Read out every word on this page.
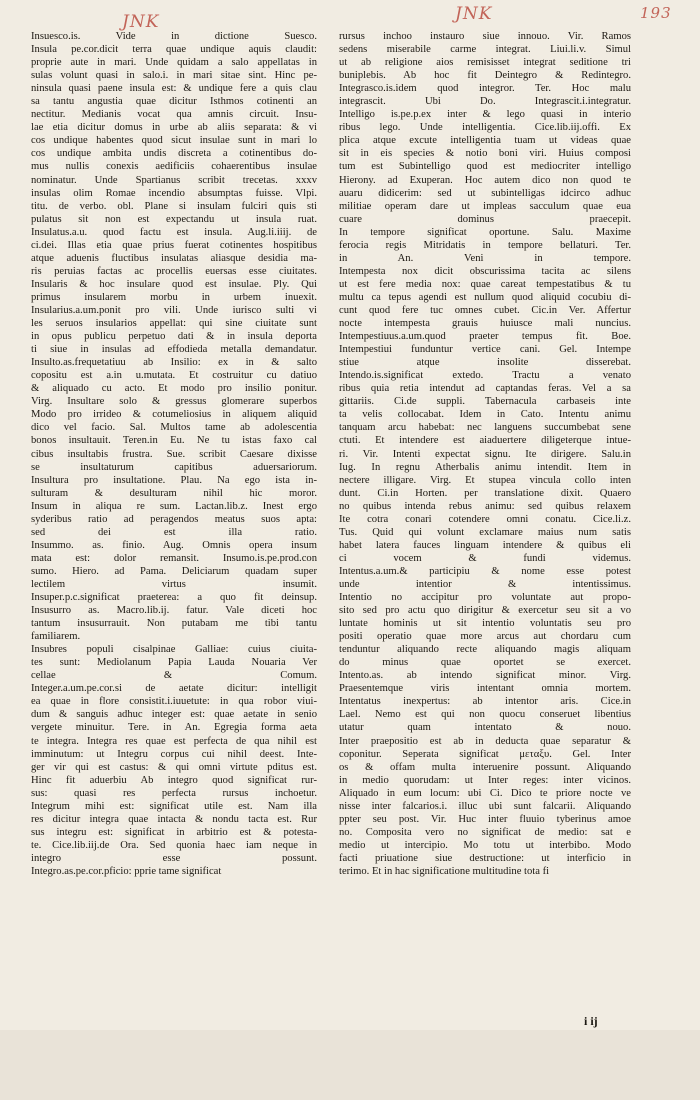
JNK	JNK	193
Insuesco.is. Vide in dictione Suesco.
Insula pe.cor.dicit terra quae undique aquis claudit:
proprie aute in mari. Unde quidam a salo appellatas in
sulas volunt quasi in salo.i. in mari sitae sint. Hinc pe-
ninsula quasi paene insula est: & undique fere a quis clau
sa tantu angustia quae dicitur Isthmos cotinenti an
nectitur. Medianis vocat qua amnis circuit. Insu-
lae etia dicitur domus in urbe ab aliis separata: & vi
cos undique habentes quod sicut insulae sunt in mari lo
cos undique ambita undis discreta a cotinentibus do-
mus nullis conexis aedificiis cohaerentibus insulae
nominatur. Unde Spartianus scribit trecetas. xxxv
insulas olim Romae incendio absumptas fuisse. Vlpi.
titu. de verbo. obl. Plane si insulam fulciri quis sti
pulatus sit non est expectandu ut insula ruat.
Insulatus.a.u. quod factu est insula. Aug.li.iiij. de
ci.dei. Illas etia quae prius fuerat cotinentes hospitibus
atque aduenis fluctibus insulatas aliasque desidia ma-
ris peruias factas ac procellis euersas esse ciuitates.
Insularis & hoc insulare quod est insulae. Ply. Qui
primus insularem morbu in urbem inuexit.
Insularius.a.um.ponit pro vili. Unde iurisco sulti vi
les seruos insularios appellat: qui sine ciuitate sunt
in opus publicu perpetuo dati & in insula deporta
ti siue in insulas ad effodieda metalla demandatur.
Insulto.as.frequetatiuu ab Insilio: ex in & salto
copositu est a.in u.mutata. Et costruitur cu datiuo
& aliquado cu acto. Et modo pro insilio ponitur.
Virg. Insultare solo & gressus glomerare superbos
Modo pro irrideo & cotumeliosius in aliquem aliquid
dico vel facio. Sal. Multos tame ab adolescentia
bonos insultauit. Teren.in Eu. Ne tu istas faxo cal
cibus insultabis frustra. Sue. scribit Caesare dixisse
se insultaturum capitibus aduersariorum.
Insultura pro insultatione. Plau. Na ego ista in-
sulturam & desulturam nihil hic moror.
Insum in aliqua re sum. Lactan.lib.z. Inest ergo
syderibus ratio ad peragendos meatus suos apta:
sed dei est illa ratio.
Insummo. as. finio. Aug. Omnis opera insum
mata est: dolor remansit. Insumo.is.pe.prod.con
sumo. Hiero. ad Pama. Deliciarum quadam super
lectilem virtus insumit.
Insuper.p.c.significat praeterea: a quo fit deinsup.
Insusurro as. Macro.lib.ij. fatur. Vale diceti hoc
tantum insusurrauit. Non putabam me tibi tantu
familiarem.
Insubres populi cisalpinae Galliae: cuius ciuita-
tes sunt: Mediolanum Papia Lauda Nouaria Ver
cellae & Comum.
Integer.a.um.pe.cor.si de aetate dicitur: intelligit
ea quae in flore consistit.i.iuuetute: in qua robor viui-
dum & sanguis adhuc integer est: quae aetate in senio
vergete minuitur. Tere. in An. Egregia forma aeta
te integra. Integra res quae est perfecta de qua nihil est
imminutum: ut Integru corpus cui nihil deest. Inte-
ger vir qui est castus: & qui omni virtute pditus est.
Hinc fit aduerbiu Ab integro quod significat rur-
sus: quasi res perfecta rursus inchoetur.
Integrum mihi est: significat utile est. Nam illa
res dicitur integra quae intacta & nondu tacta est. Rur
sus integru est: significat in arbitrio est & potesta-
te. Cice.lib.iij.de Ora. Sed quonia haec iam neque in
integro esse possunt.
Integro.as.pe.cor.pficio: pprie tame significat
rursus inchoo instauro siue innouo. Vir. Ramos
sedens miserabile carme integrat. Liui.li.v. Simul
ut ab religione aios remisisset integrat seditione tri
buniplebis. Ab hoc fit Deintegro & Redintegro.
Integrasco.is.idem quod integror. Ter. Hoc malu
integrascit. Ubi Do. Integrascit.i.integratur.
Intelligo is.pe.p.ex inter & lego quasi in interio
ribus lego. Unde intelligentia. Cice.lib.iij.offi. Ex
plica atque excute intelligentia tuam ut videas quae
sit in eis species & notio boni viri. Huius composi
tum est Subintelligo quod est mediocriter intelligo
Hierony. ad Exuperan. Hoc autem dico non quod te
auaru didicerim: sed ut subintelligas idcirco adhuc
militiae operam dare ut impleas sacculum quae eua
cuare dominus praecepit.
In tempore significat oportune. Salu. Maxime
ferocia regis Mitridatis in tempore bellaturi. Ter.
in An. Veni in tempore.
Intempesta nox dicit obscurissima tacita ac silens
ut est fere media nox: quae careat tempestatibus & tu
multu ca tepus agendi est nullum quod aliquid cocubiu di-
cunt quod fere tuc omnes cubet. Cic.in Ver. Affertur
nocte intempesta grauis huiusce mali nuncius.
Intempestiuus.a.um.quod praeter tempus fit. Boe.
Intempestiui funduntur vertice cani. Gel. Intempe
stiue atque insolite disserebat.
Intendo.is.significat extedo. Tractu a venato
ribus quia retia intendut ad captandas feras. Vel a sa
gittariis. Ci.de suppli. Tabernacula carbaseis inte
ta velis collocabat. Idem in Cato. Intentu animu
tanquam arcu habebat: nec languens succumbebat sene
ctuti. Et intendere est aiaduertere diligeterque intue-
ri. Vir. Intenti expectat signu. Ite dirigere. Salu.in
Iug. In regnu Atherbalis animu intendit. Item in
nectere illigare. Virg. Et stupea vincula collo inten
dunt. Ci.in Horten. per translatione dixit. Quaero
no quibus intenda rebus animu: sed quibus relaxem
Ite cotra conari cotendere omni conatu. Cice.li.z.
Tus. Quid qui volunt exclamare maius num satis
habet latera fauces linguam intendere & quibus eli
ci vocem & fundi videmus.
Intentus.a.um.& participiu & nome esse potest
unde intentior & intentissimus.
Intentio no accipitur pro voluntate aut propo-
sito sed pro actu quo dirigitur & exercetur seu sit a vo
luntate hominis ut sit intentio voluntatis seu pro
positi operatio quae more arcus aut chordaru cum
tenduntur aliquando recte aliquando magis aliquam
do minus quae oportet se exercet.
Intento.as. ab intendo significat minor. Virg.
Praesentemque viris intentant omnia mortem.
Intentatus inexpertus: ab intentor aris. Cice.in
Lael. Nemo est qui non quocu conseruet libentius
utatur quam intentato & nouo.
Inter praepositio est ab in deducta quae separatur &
coponitur. Seperata significat μεταξυ. Gel. Inter
os & offam multa interuenire possunt. Aliquando
in medio quorudam: ut Inter reges: inter vicinos.
Aliquado in eum locum: ubi Ci. Dico te priore nocte ve
nisse inter falcarios.i. illuc ubi sunt falcarii. Aliquando
ppter seu post. Vir. Huc inter fluuio tyberinus amoe
no. Composita vero no significat de medio: sat e
medio ut intercipio. Mo totu ut interbibo. Modo
facti priuatione siue destructione: ut interficio in
terimo. Et in hac significatione multitudine tota fi
i ij
